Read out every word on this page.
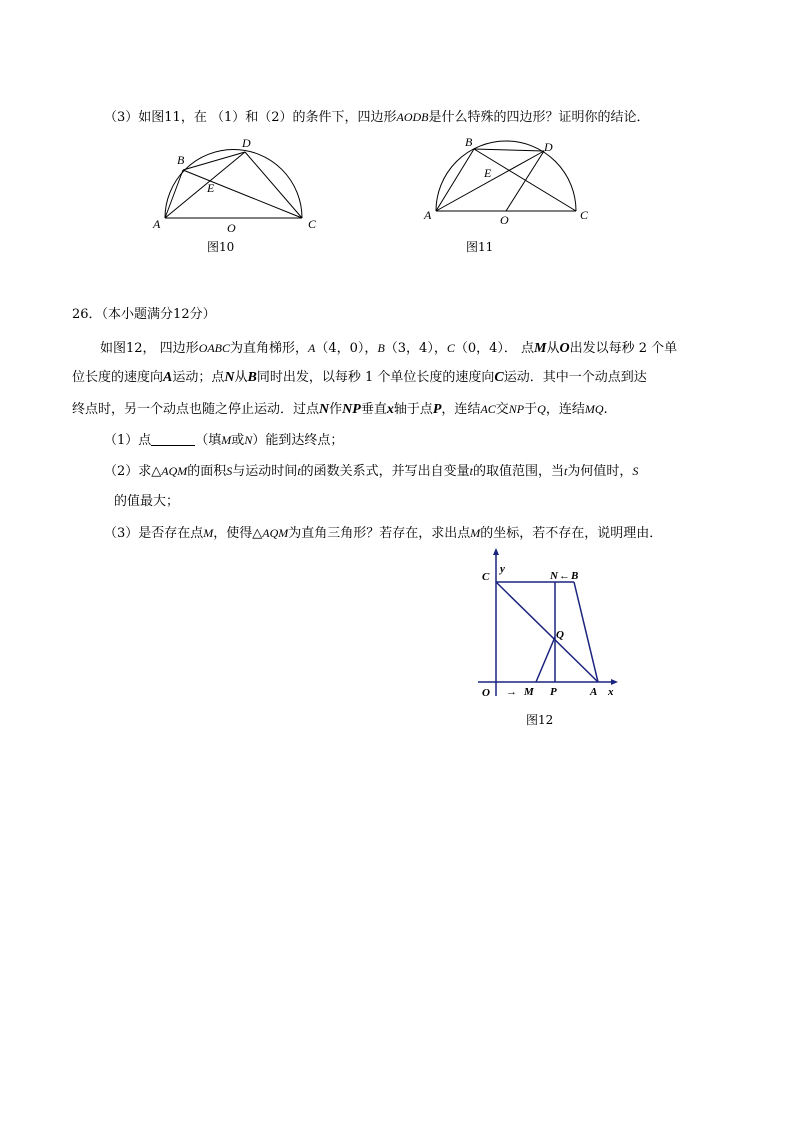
（3）如图11，在 （1）和（2）的条件下，四边形AODB是什么特殊的四边形？证明你的结论．
A
B
C
D
E
O
图10
A
B
C
D
E
O
图11
26．（本小题满分12分）
如图12， 四边形OABC为直角梯形，A（4，0），B（3，4），C（0，4）． 点M从O出发以每秒 2 个单
位长度的速度向A运动；点N从B同时出发，以每秒 1 个单位长度的速度向C运动．其中一个动点到达
终点时，另一个动点也随之停止运动．过点N作NP垂直x轴于点P，连结AC交NP于Q，连结MQ.
（1）点	（填M或N）能到达终点；
（2）求△AQM的面积S与运动时间t的函数关系式，并写出自变量t的取值范围，当t为何值时，S
的值最大；
（3）是否存在点M，使得△AQM为直角三角形？若存在，求出点M的坐标，若不存在，说明理由．
C
y
N ← B
Q
O → M P	A x
图12
